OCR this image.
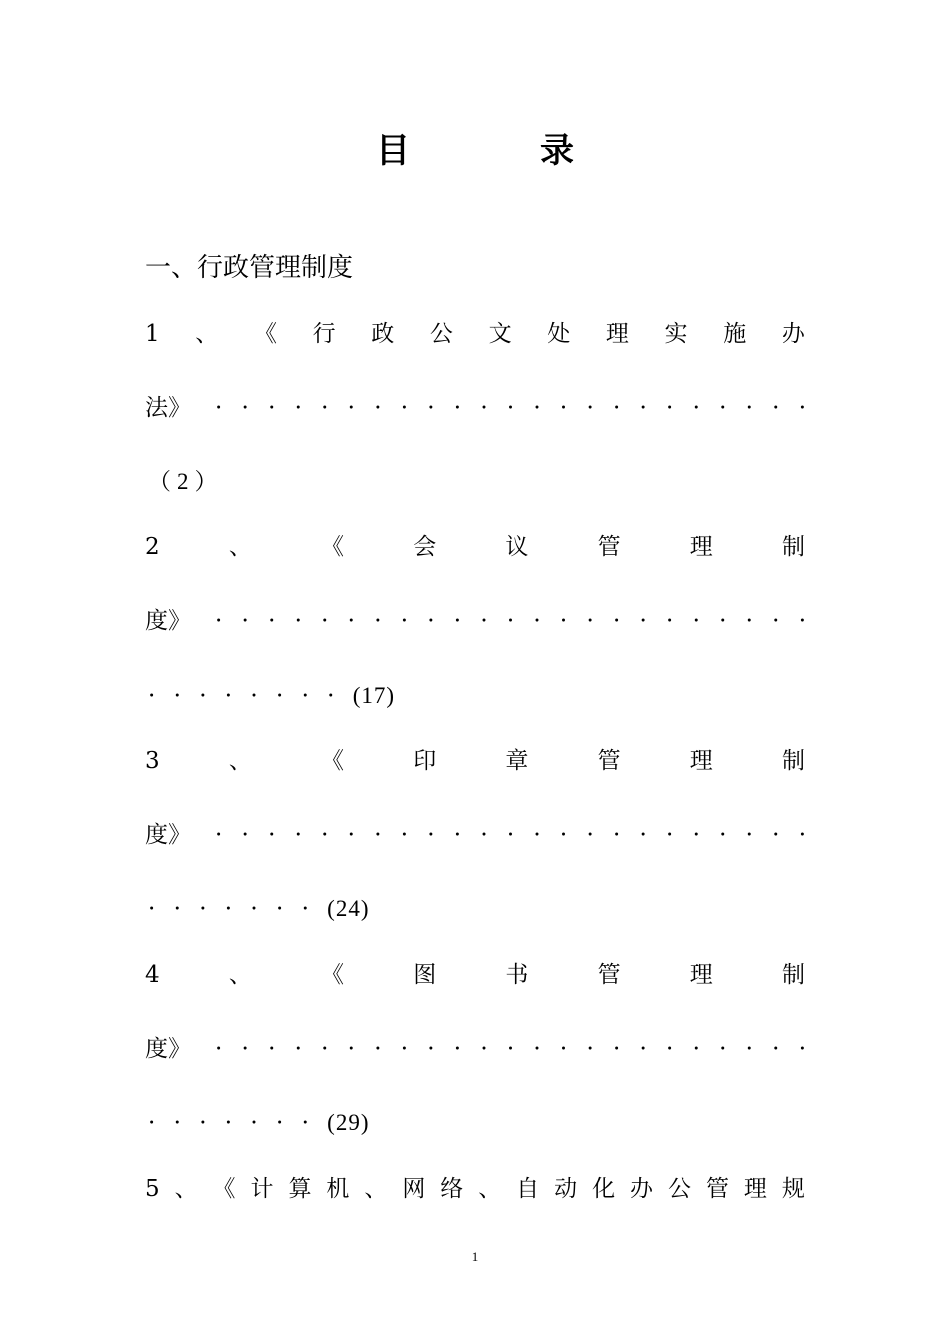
目　录
一、行政管理制度
1 、 《 行 政 公 文 处 理 实 施 办
法》 · · · · · · · · · · · · · · · · · · · · · · ·
（2）
2	、	《	会	议	管	理	制
度》 · · · · · · · · · · · · · · · · · · · · · · ·
· · · · · · · · (17)
3	、	《	印	章	管	理	制
度》 · · · · · · · · · · · · · · · · · · · · · · ·
· · · · · · · (24)
4	、	《	图	书	管	理	制
度》 · · · · · · · · · · · · · · · · · · · · · · ·
· · · · · · · (29)
5 、 《 计 算 机 、 网 络 、 自 动 化 办 公 管 理 规
1
